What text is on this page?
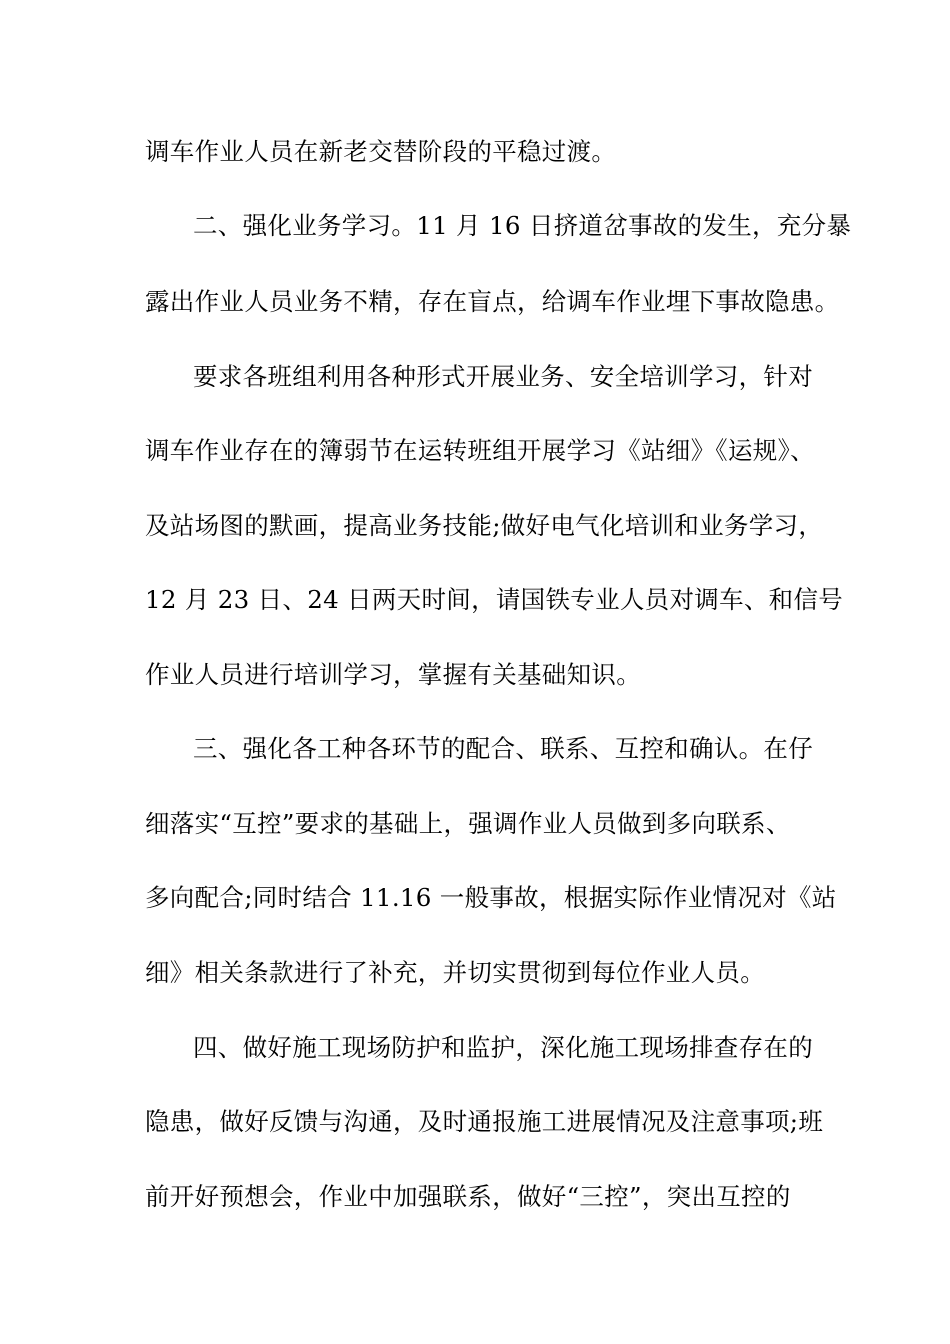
调车作业人员在新老交替阶段的平稳过渡。
二、强化业务学习。11 月 16 日挤道岔事故的发生，充分暴
露出作业人员业务不精，存在盲点，给调车作业埋下事故隐患。
要求各班组利用各种形式开展业务、安全培训学习，针对
调车作业存在的簿弱节在运转班组开展学习《站细》《运规》、
及站场图的默画，提高业务技能;做好电气化培训和业务学习，
12 月 23 日、24 日两天时间，请国铁专业人员对调车、和信号
作业人员进行培训学习，掌握有关基础知识。
三、强化各工种各环节的配合、联系、互控和确认。在仔
细落实“互控”要求的基础上，强调作业人员做到多向联系、
多向配合;同时结合 11.16 一般事故，根据实际作业情况对《站
细》相关条款进行了补充，并切实贯彻到每位作业人员。
四、做好施工现场防护和监护，深化施工现场排查存在的
隐患，做好反馈与沟通，及时通报施工进展情况及注意事项;班
前开好预想会，作业中加强联系，做好“三控”，突出互控的
